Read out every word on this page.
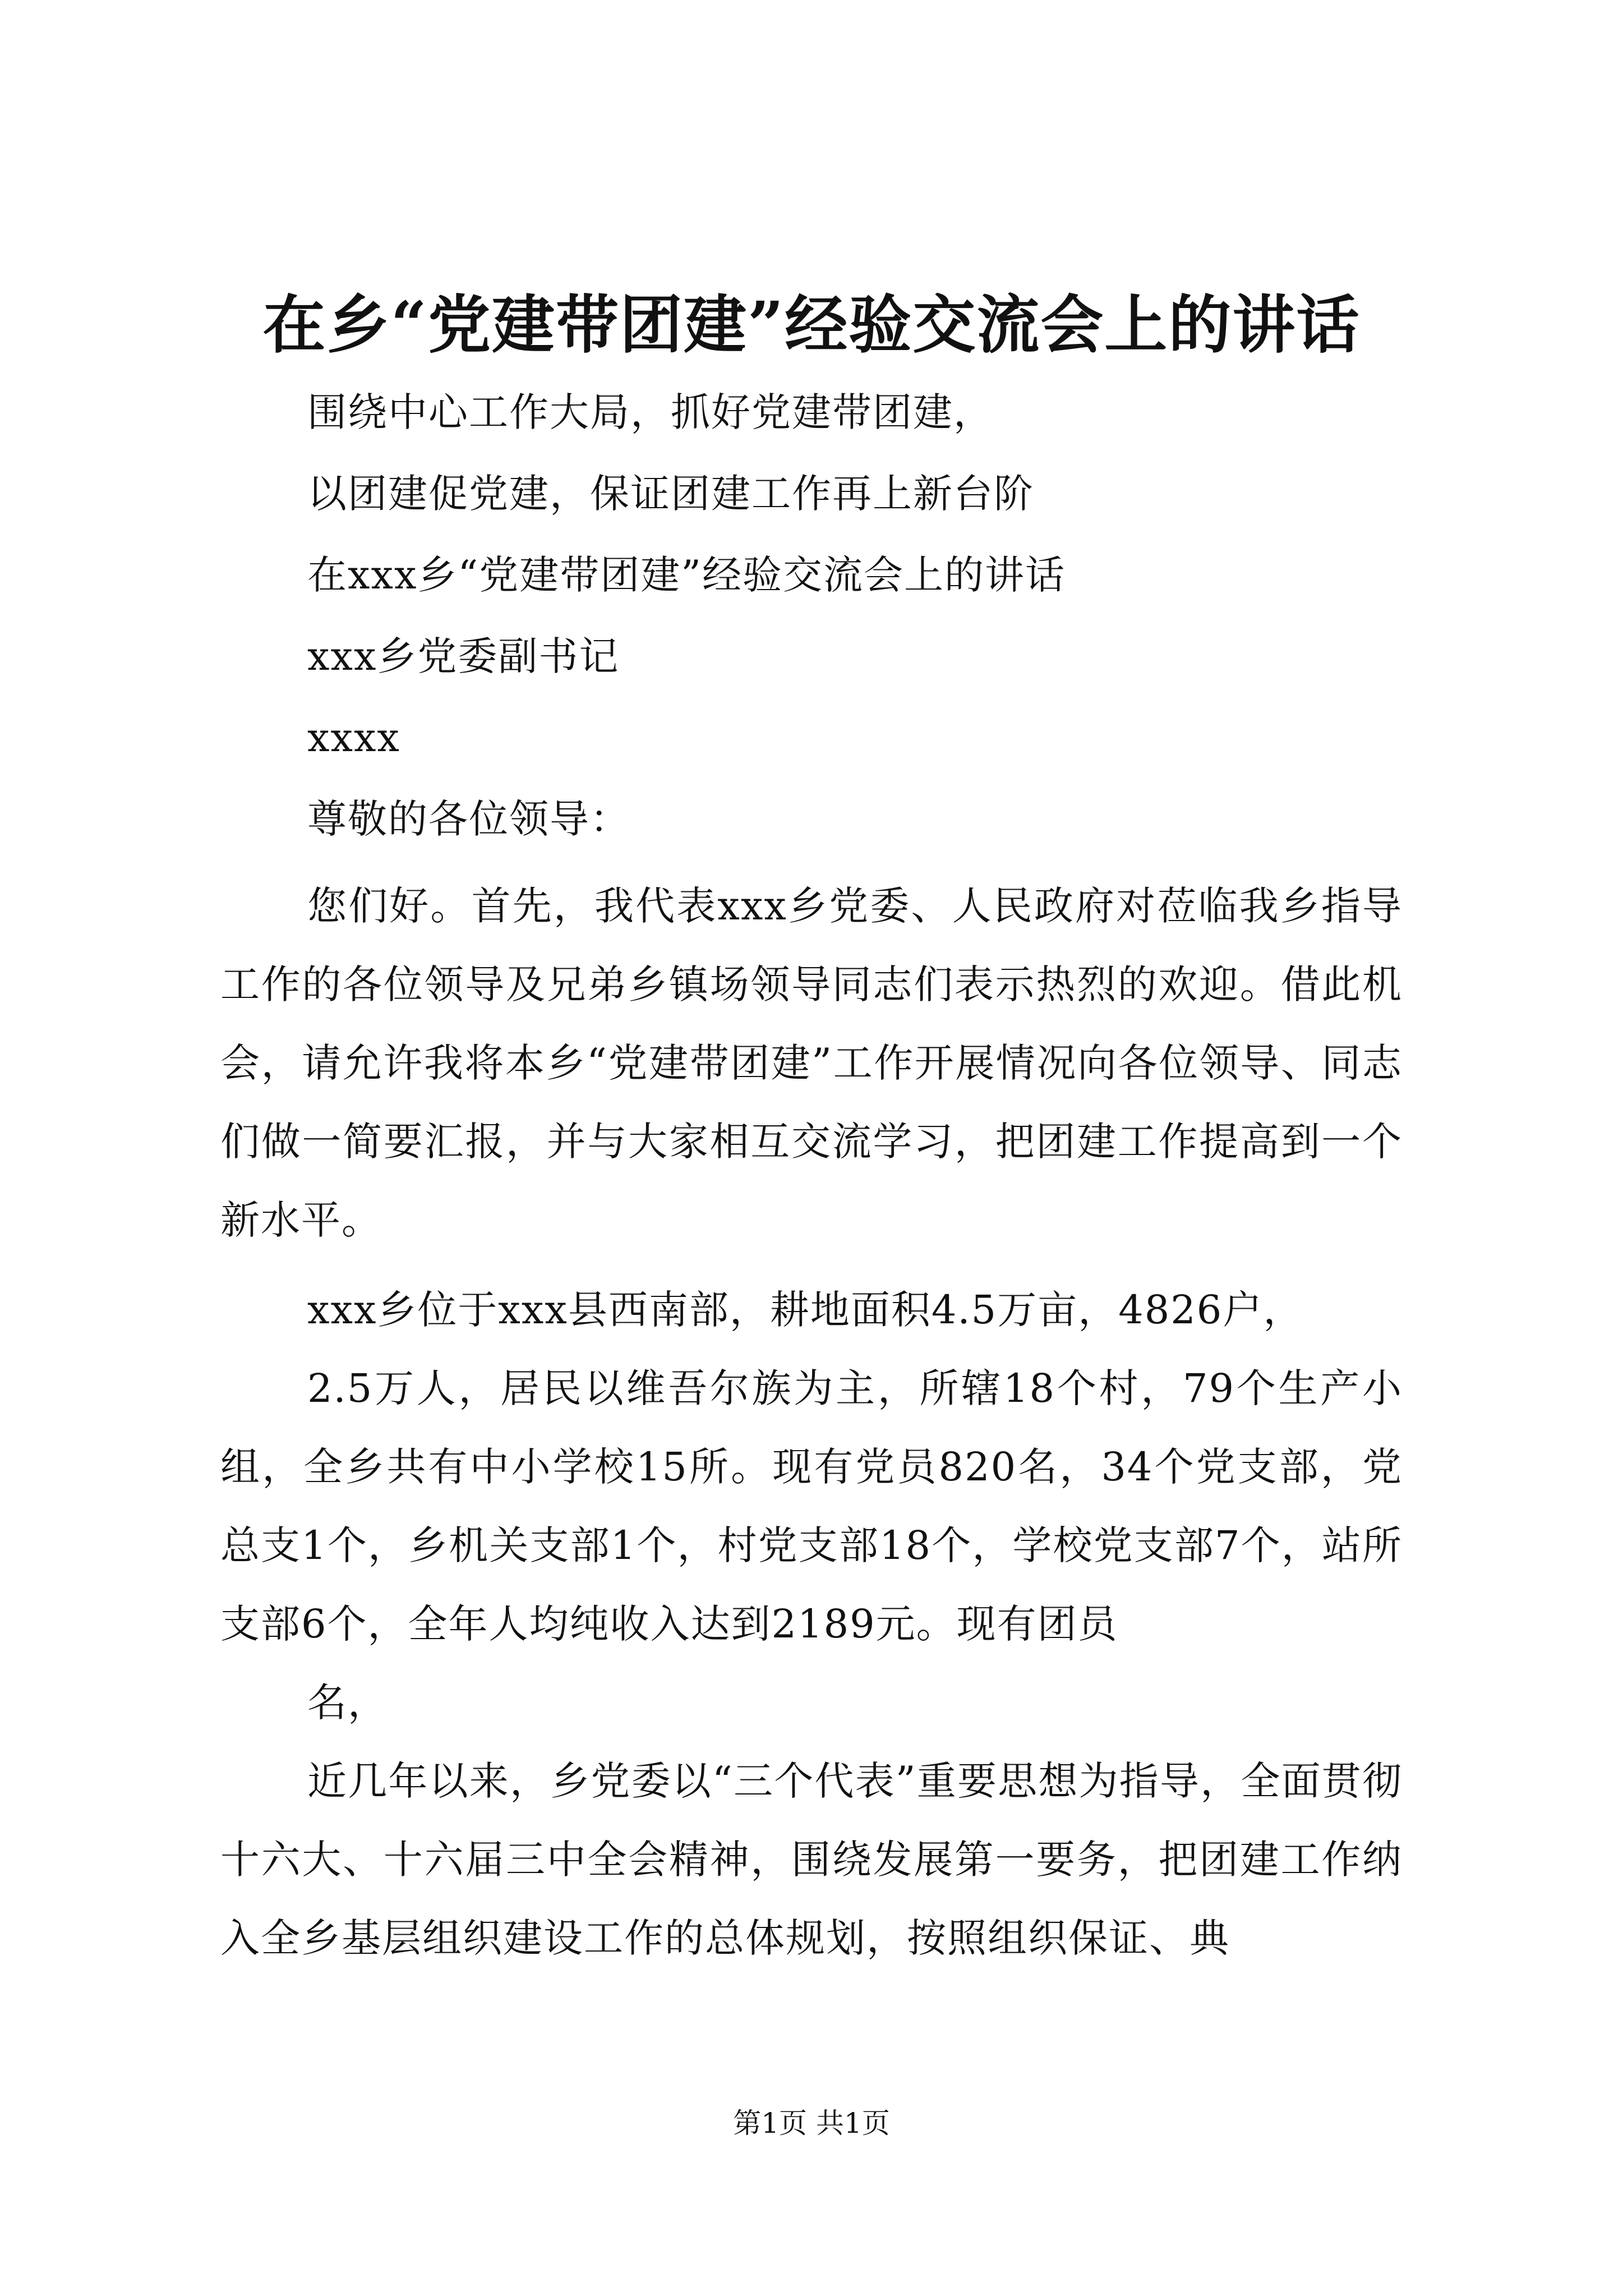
在乡“党建带团建”经验交流会上的讲话
围绕中心工作大局，抓好党建带团建，
以团建促党建，保证团建工作再上新台阶
在xxx乡“党建带团建”经验交流会上的讲话
xxx乡党委副书记
xxxx
尊敬的各位领导：
您们好。首先，我代表xxx乡党委、人民政府对莅临我乡指导工作的各位领导及兄弟乡镇场领导同志们表示热烈的欢迎。借此机会，请允许我将本乡“党建带团建”工作开展情况向各位领导、同志们做一简要汇报，并与大家相互交流学习，把团建工作提高到一个新水平。
xxx乡位于xxx县西南部，耕地面积4.5万亩，4826户，
2.5万人，居民以维吾尔族为主，所辖18个村，79个生产小组，全乡共有中小学校15所。现有党员820名，34个党支部，党总支1个，乡机关支部1个，村党支部18个，学校党支部7个，站所支部6个，全年人均纯收入达到2189元。现有团员
名，
近几年以来，乡党委以“三个代表”重要思想为指导，全面贯彻十六大、十六届三中全会精神，围绕发展第一要务，把团建工作纳入全乡基层组织建设工作的总体规划，按照组织保证、典
第1页 共1页
